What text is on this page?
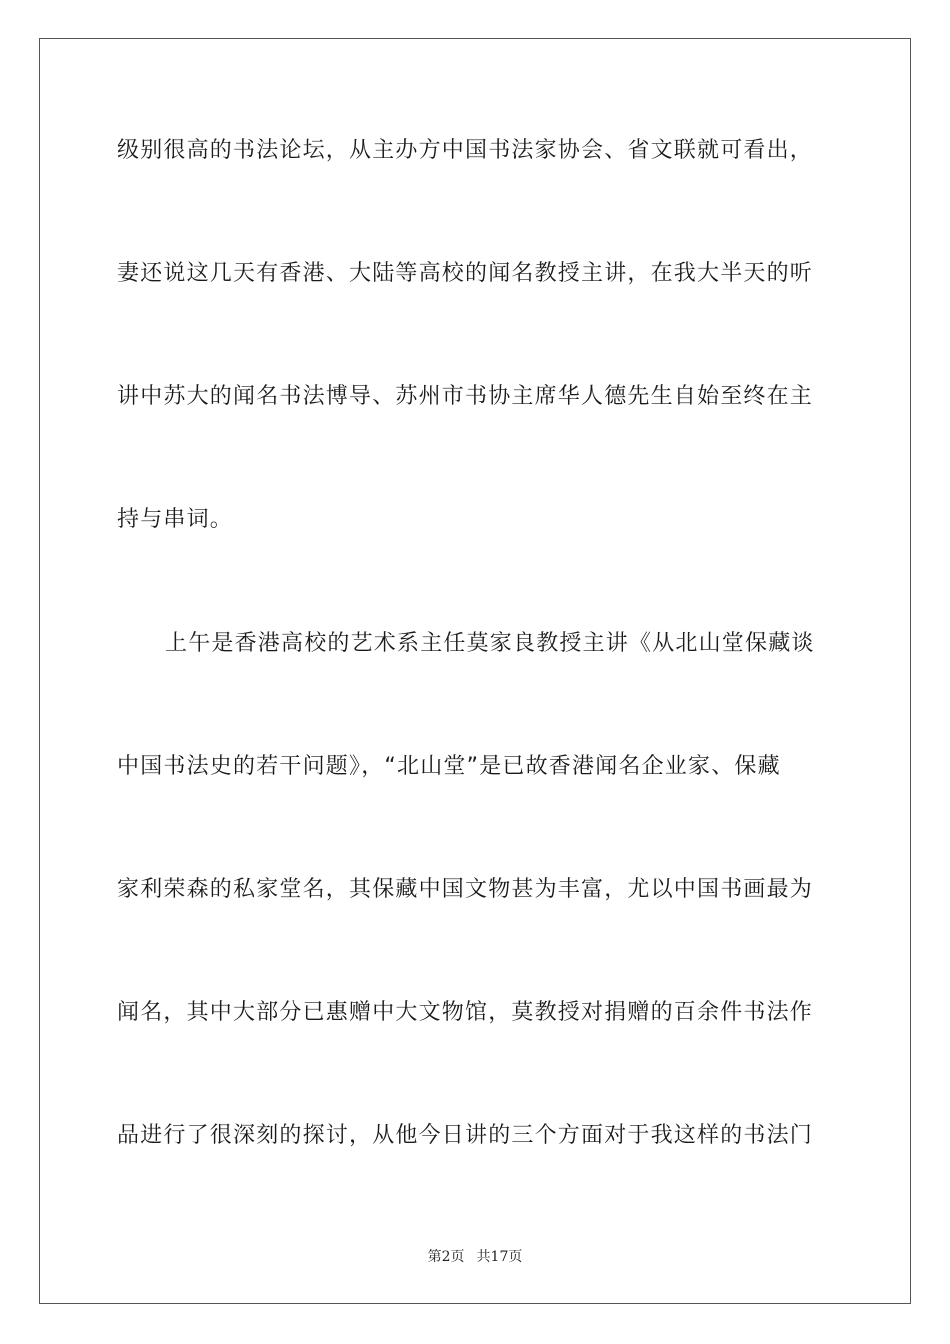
级别很高的书法论坛，从主办方中国书法家协会、省文联就可看出，
妻还说这几天有香港、大陆等高校的闻名教授主讲，在我大半天的听
讲中苏大的闻名书法博导、苏州市书协主席华人德先生自始至终在主
持与串词。
上午是香港高校的艺术系主任莫家良教授主讲《从北山堂保藏谈
中国书法史的若干问题》，“北山堂”是已故香港闻名企业家、保藏
家利荣森的私家堂名，其保藏中国文物甚为丰富，尤以中国书画最为
闻名，其中大部分已惠赠中大文物馆，莫教授对捐赠的百余件书法作
品进行了很深刻的探讨，从他今日讲的三个方面对于我这样的书法门
第2页 共17页
